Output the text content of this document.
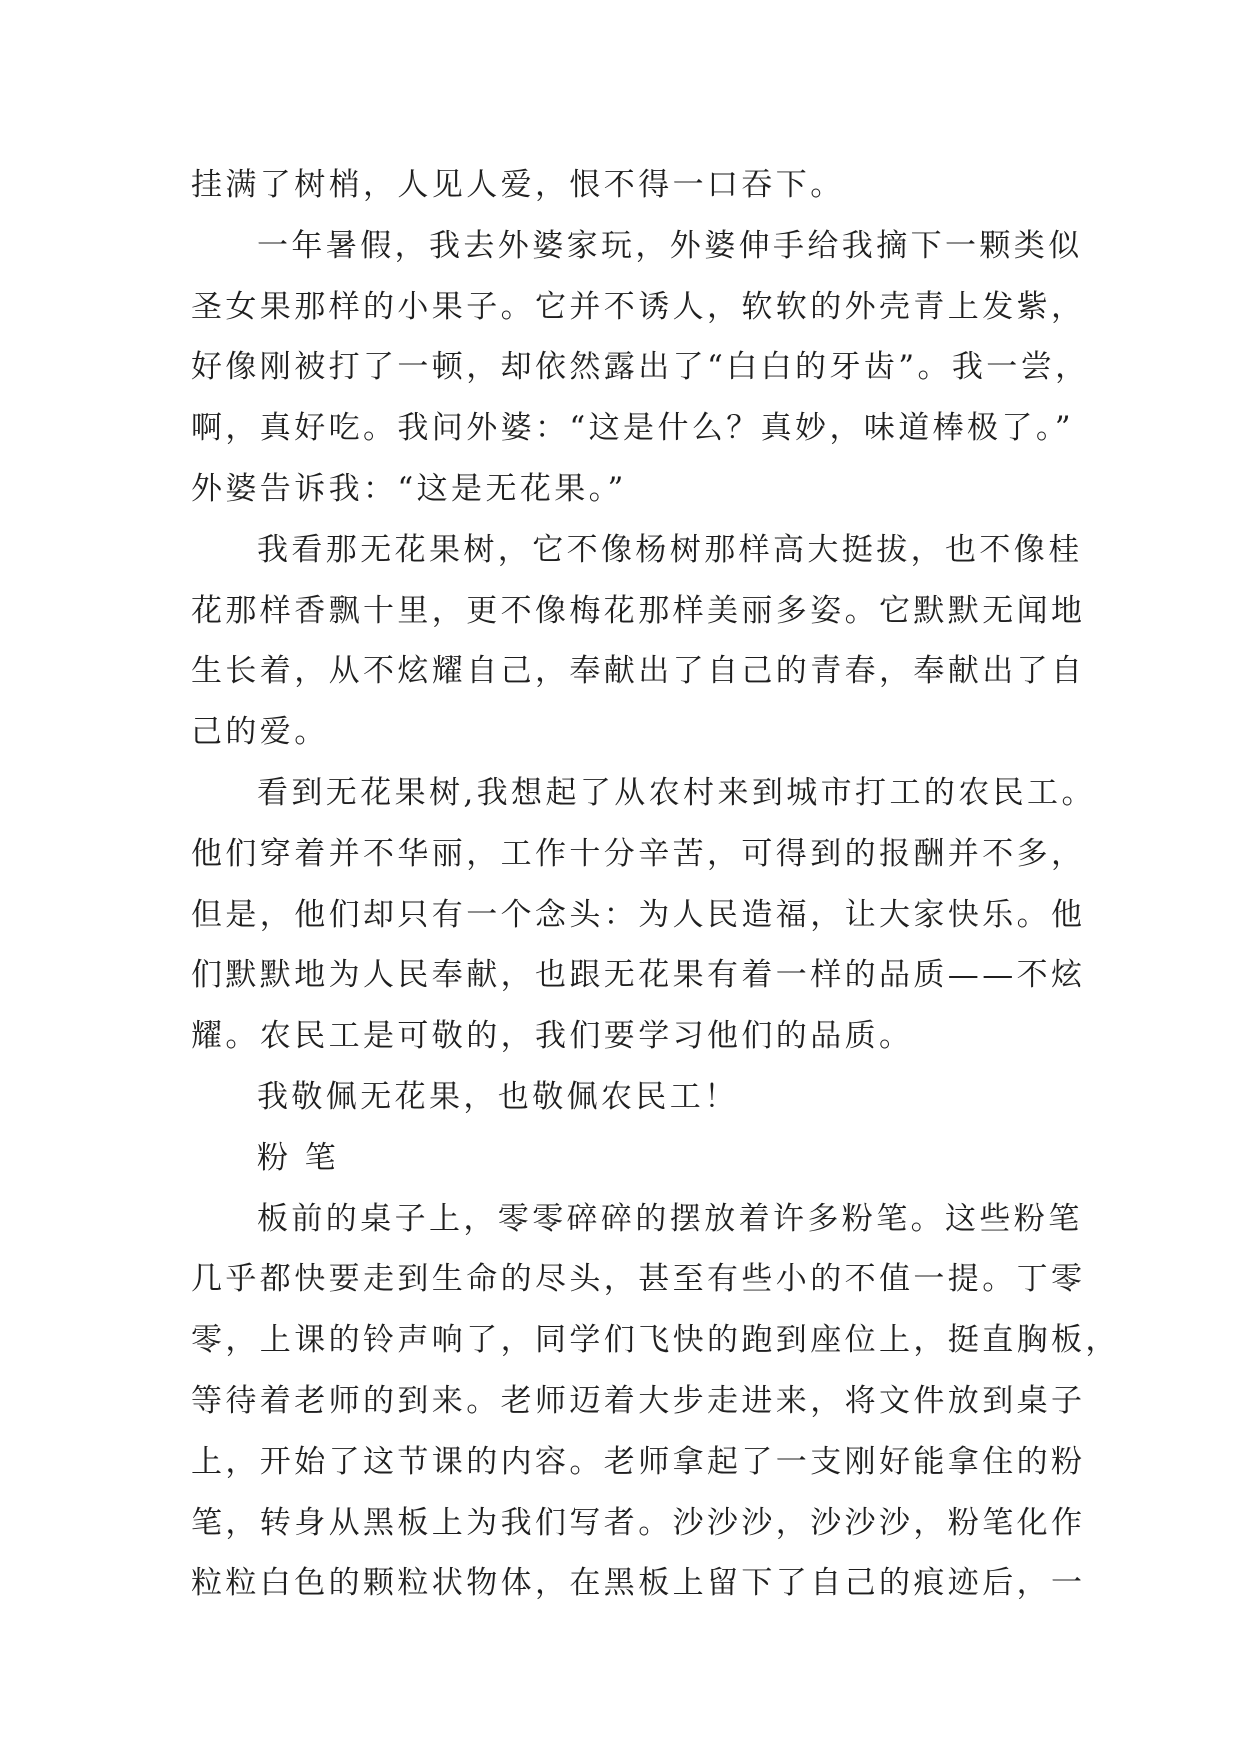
挂满了树梢，人见人爱，恨不得一口吞下。
一年暑假，我去外婆家玩，外婆伸手给我摘下一颗类似
圣女果那样的小果子。它并不诱人，软软的外壳青上发紫，
好像刚被打了一顿，却依然露出了“白白的牙齿”。我一尝，
啊，真好吃。我问外婆：“这是什么？真妙，味道棒极了。”
外婆告诉我：“这是无花果。”
我看那无花果树，它不像杨树那样高大挺拔，也不像桂
花那样香飘十里，更不像梅花那样美丽多姿。它默默无闻地
生长着，从不炫耀自己，奉献出了自己的青春，奉献出了自
己的爱。
看到无花果树,我想起了从农村来到城市打工的农民工。
他们穿着并不华丽，工作十分辛苦，可得到的报酬并不多，
但是，他们却只有一个念头：为人民造福，让大家快乐。他
们默默地为人民奉献，也跟无花果有着一样的品质——不炫
耀。农民工是可敬的，我们要学习他们的品质。
我敬佩无花果，也敬佩农民工！
粉 笔
板前的桌子上，零零碎碎的摆放着许多粉笔。这些粉笔
几乎都快要走到生命的尽头，甚至有些小的不值一提。丁零
零，上课的铃声响了，同学们飞快的跑到座位上，挺直胸板，
等待着老师的到来。老师迈着大步走进来，将文件放到桌子
上，开始了这节课的内容。老师拿起了一支刚好能拿住的粉
笔，转身从黑板上为我们写者。沙沙沙，沙沙沙，粉笔化作
粒粒白色的颗粒状物体，在黑板上留下了自己的痕迹后，一
